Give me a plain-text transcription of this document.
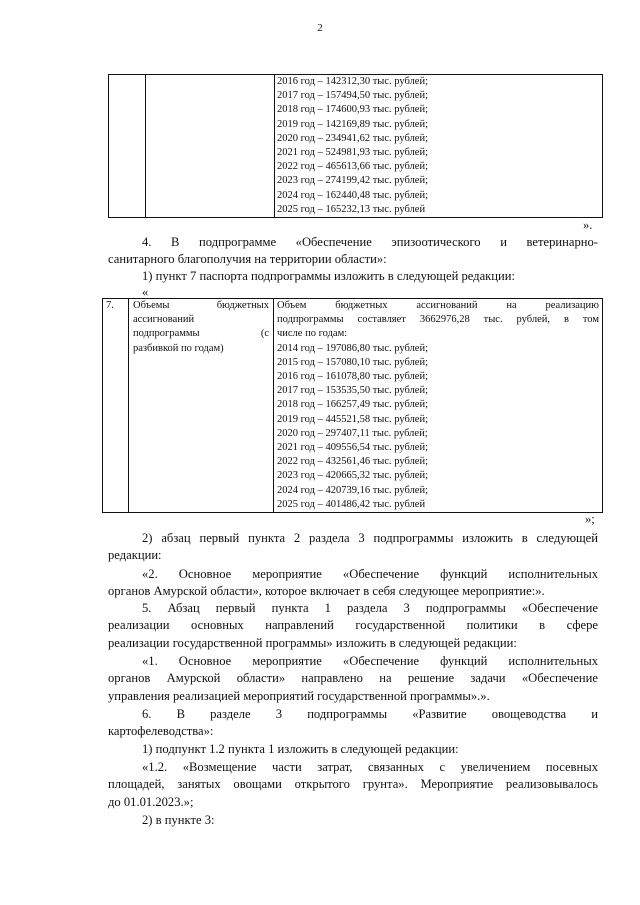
2

2016 год – 142312,30 тыс. рублей;
2017 год – 157494,50 тыс. рублей;
2018 год – 174600,93 тыс. рублей;
2019 год – 142169,89 тыс. рублей;
2020 год – 234941,62 тыс. рублей;
2021 год – 524981,93 тыс. рублей;
2022 год – 465613,66 тыс. рублей;
2023 год – 274199,42 тыс. рублей;
2024 год – 162440,48 тыс. рублей;
2025 год – 165232,13 тыс. рублей
».

4. В подпрограмме «Обеспечение эпизоотического и ветеринарно-
санитарного благополучия на территории области»:

1) пункт 7 паспорта подпрограммы изложить в следующей редакции:

«
7.	Объемы бюджетных
ассигнований
подпрограммы (с
разбивкой по годам)

Объем бюджетных ассигнований на реализацию
подпрограммы составляет 3662976,28 тыс. рублей, в том
числе по годам:
2014 год – 197086,80 тыс. рублей;
2015 год – 157080,10 тыс. рублей;
2016 год – 161078,80 тыс. рублей;
2017 год – 153535,50 тыс. рублей;
2018 год – 166257,49 тыс. рублей;
2019 год – 445521,58 тыс. рублей;
2020 год – 297407,11 тыс. рублей;
2021 год – 409556,54 тыс. рублей;
2022 год – 432561,46 тыс. рублей;
2023 год – 420665,32 тыс. рублей;
2024 год – 420739,16 тыс. рублей;
2025 год – 401486,42 тыс. рублей
»;

2) абзац первый пункта 2 раздела 3 подпрограммы изложить в следующей
редакции:

«2. Основное мероприятие «Обеспечение функций исполнительных
органов Амурской области», которое включает в себя следующее мероприятие:».

5. Абзац первый пункта 1 раздела 3 подпрограммы «Обеспечение
реализации основных направлений государственной политики в сфере
реализации государственной программы» изложить в следующей редакции:

«1. Основное мероприятие «Обеспечение функций исполнительных
органов Амурской области» направлено на решение задачи «Обеспечение
управления реализацией мероприятий государственной программы».».

6. В разделе 3 подпрограммы «Развитие овощеводства и
картофелеводства»:

1) подпункт 1.2 пункта 1 изложить в следующей редакции:

«1.2. «Возмещение части затрат, связанных с увеличением посевных
площадей, занятых овощами открытого грунта». Мероприятие реализовывалось
до 01.01.2023.»;

2) в пункте 3:
